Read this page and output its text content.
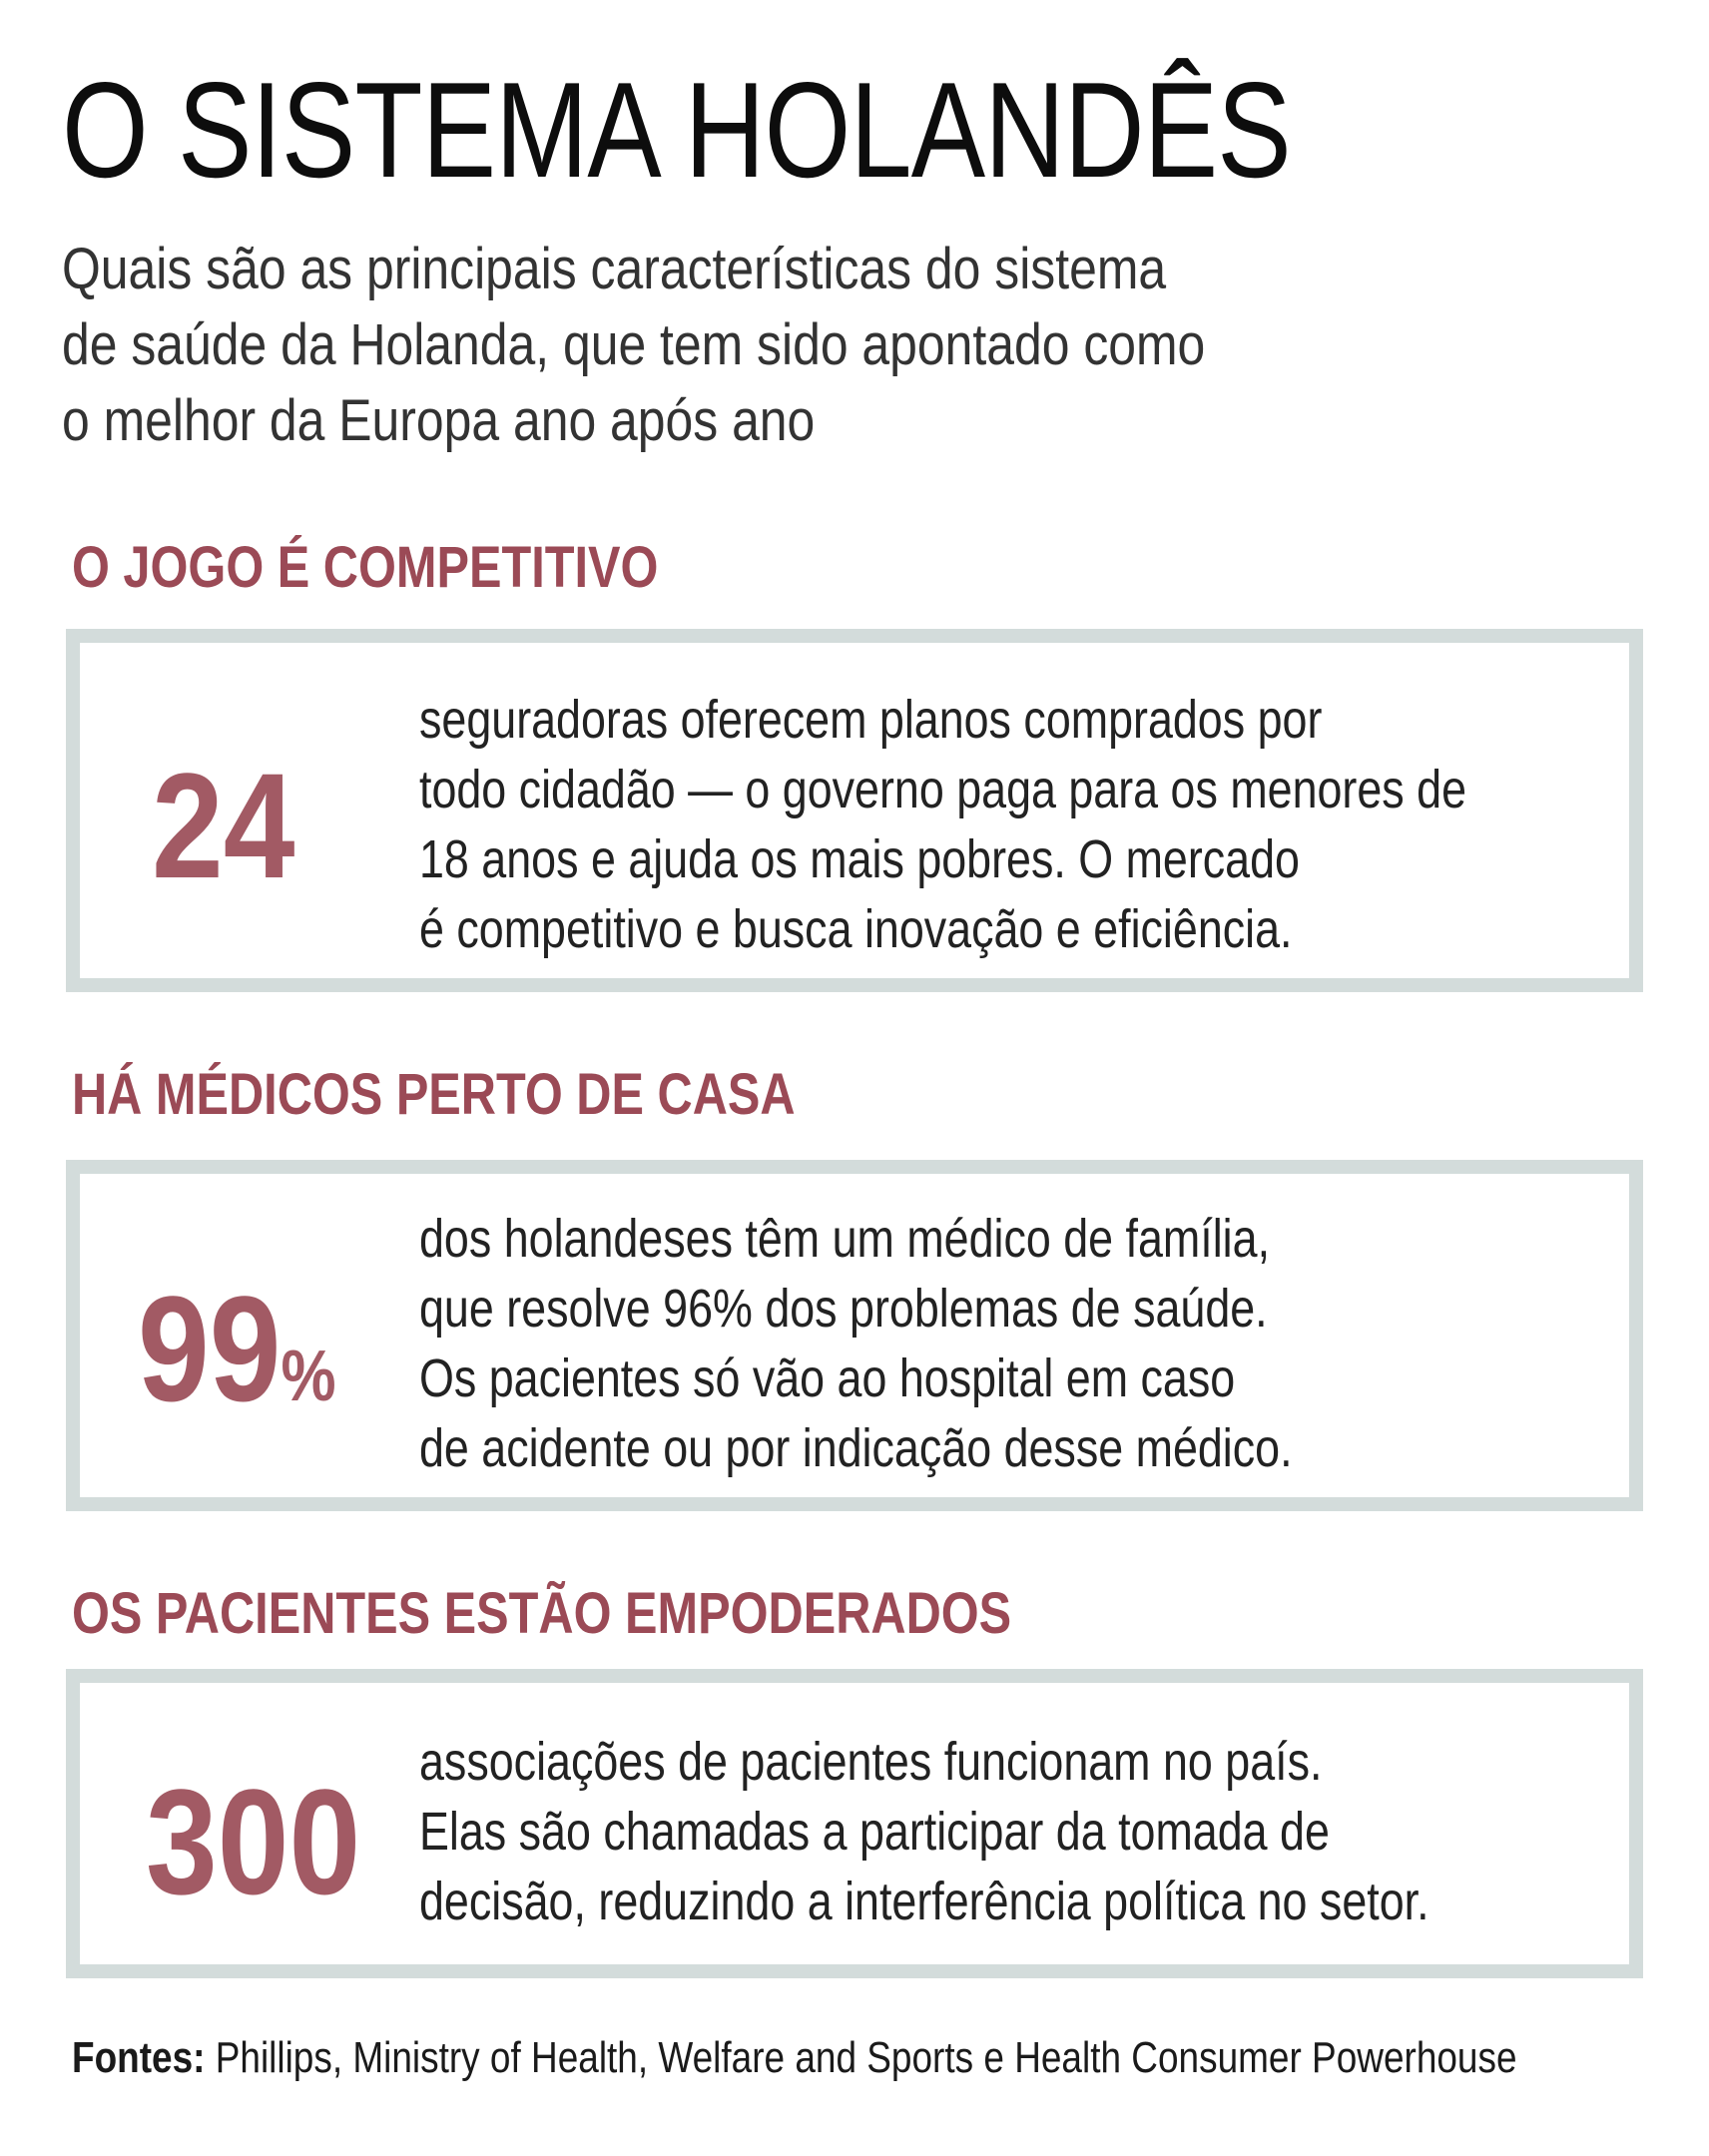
O SISTEMA HOLANDÊS
Quais são as principais características do sistema
de saúde da Holanda, que tem sido apontado como
o melhor da Europa ano após ano
O JOGO É COMPETITIVO
24
seguradoras oferecem planos comprados por
todo cidadão — o governo paga para os menores de
18 anos e ajuda os mais pobres. O mercado
é competitivo e busca inovação e eficiência.
HÁ MÉDICOS PERTO DE CASA
99%
dos holandeses têm um médico de família,
que resolve 96% dos problemas de saúde.
Os pacientes só vão ao hospital em caso
de acidente ou por indicação desse médico.
OS PACIENTES ESTÃO EMPODERADOS
300 associações de pacientes funcionam no país.
Elas são chamadas a participar da tomada de
decisão, reduzindo a interferência política no setor.
Fontes: Phillips, Ministry of Health, Welfare and Sports e Health Consumer Powerhouse
